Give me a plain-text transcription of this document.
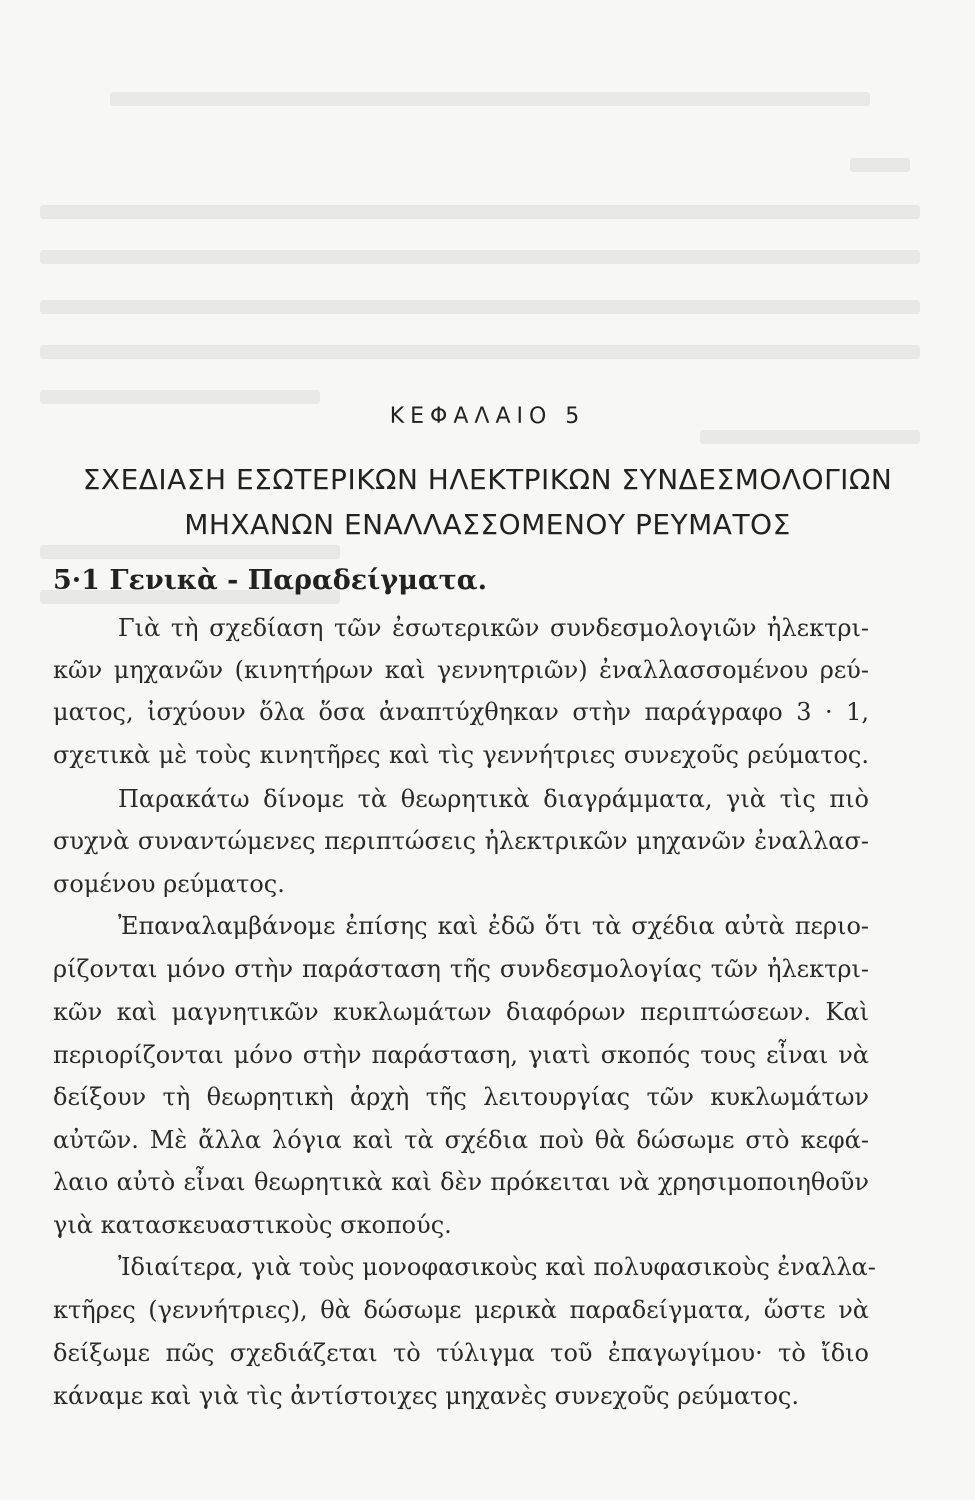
ΚΕΦΑΛΑΙΟ 5
ΣΧΕΔΙΑΣΗ ΕΣΩΤΕΡΙΚΩΝ ΗΛΕΚΤΡΙΚΩΝ ΣΥΝΔΕΣΜΟΛΟΓΙΩΝ
ΜΗΧΑΝΩΝ ΕΝΑΛΛΑΣΣΟΜΕΝΟΥ ΡΕΥΜΑΤΟΣ
5·1 Γενικὰ - Παραδείγματα.
Γιὰ τὴ σχεδίαση τῶν ἐσωτερικῶν συνδεσμολογιῶν ἠλεκτρι-
κῶν μηχανῶν (κινητήρων καὶ γεννητριῶν) ἐναλλασσομένου ρεύ-
ματος, ἰσχύουν ὅλα ὅσα ἀναπτύχθηκαν στὴν παράγραφο 3 · 1,
σχετικὰ μὲ τοὺς κινητῆρες καὶ τὶς γεννήτριες συνεχοῦς ρεύματος.
Παρακάτω δίνομε τὰ θεωρητικὰ διαγράμματα, γιὰ τὶς πιὸ
συχνὰ συναντώμενες περιπτώσεις ἠλεκτρικῶν μηχανῶν ἐναλλασ-
σομένου ρεύματος.
Ἐπαναλαμβάνομε ἐπίσης καὶ ἐδῶ ὅτι τὰ σχέδια αὐτὰ περιο-
ρίζονται μόνο στὴν παράσταση τῆς συνδεσμολογίας τῶν ἠλεκτρι-
κῶν καὶ μαγνητικῶν κυκλωμάτων διαφόρων περιπτώσεων. Καὶ
περιορίζονται μόνο στὴν παράσταση, γιατὶ σκοπός τους εἶναι νὰ
δείξουν τὴ θεωρητικὴ ἀρχὴ τῆς λειτουργίας τῶν κυκλωμάτων
αὐτῶν. Μὲ ἄλλα λόγια καὶ τὰ σχέδια ποὺ θὰ δώσωμε στὸ κεφά-
λαιο αὐτὸ εἶναι θεωρητικὰ καὶ δὲν πρόκειται νὰ χρησιμοποιηθοῦν
γιὰ κατασκευαστικοὺς σκοπούς.
Ἰδιαίτερα, γιὰ τοὺς μονοφασικοὺς καὶ πολυφασικοὺς ἐναλλα-
κτῆρες (γεννήτριες), θὰ δώσωμε μερικὰ παραδείγματα, ὥστε νὰ
δείξωμε πῶς σχεδιάζεται τὸ τύλιγμα τοῦ ἐπαγωγίμου· τὸ ἴδιο
κάναμε καὶ γιὰ τὶς ἀντίστοιχες μηχανὲς συνεχοῦς ρεύματος.
